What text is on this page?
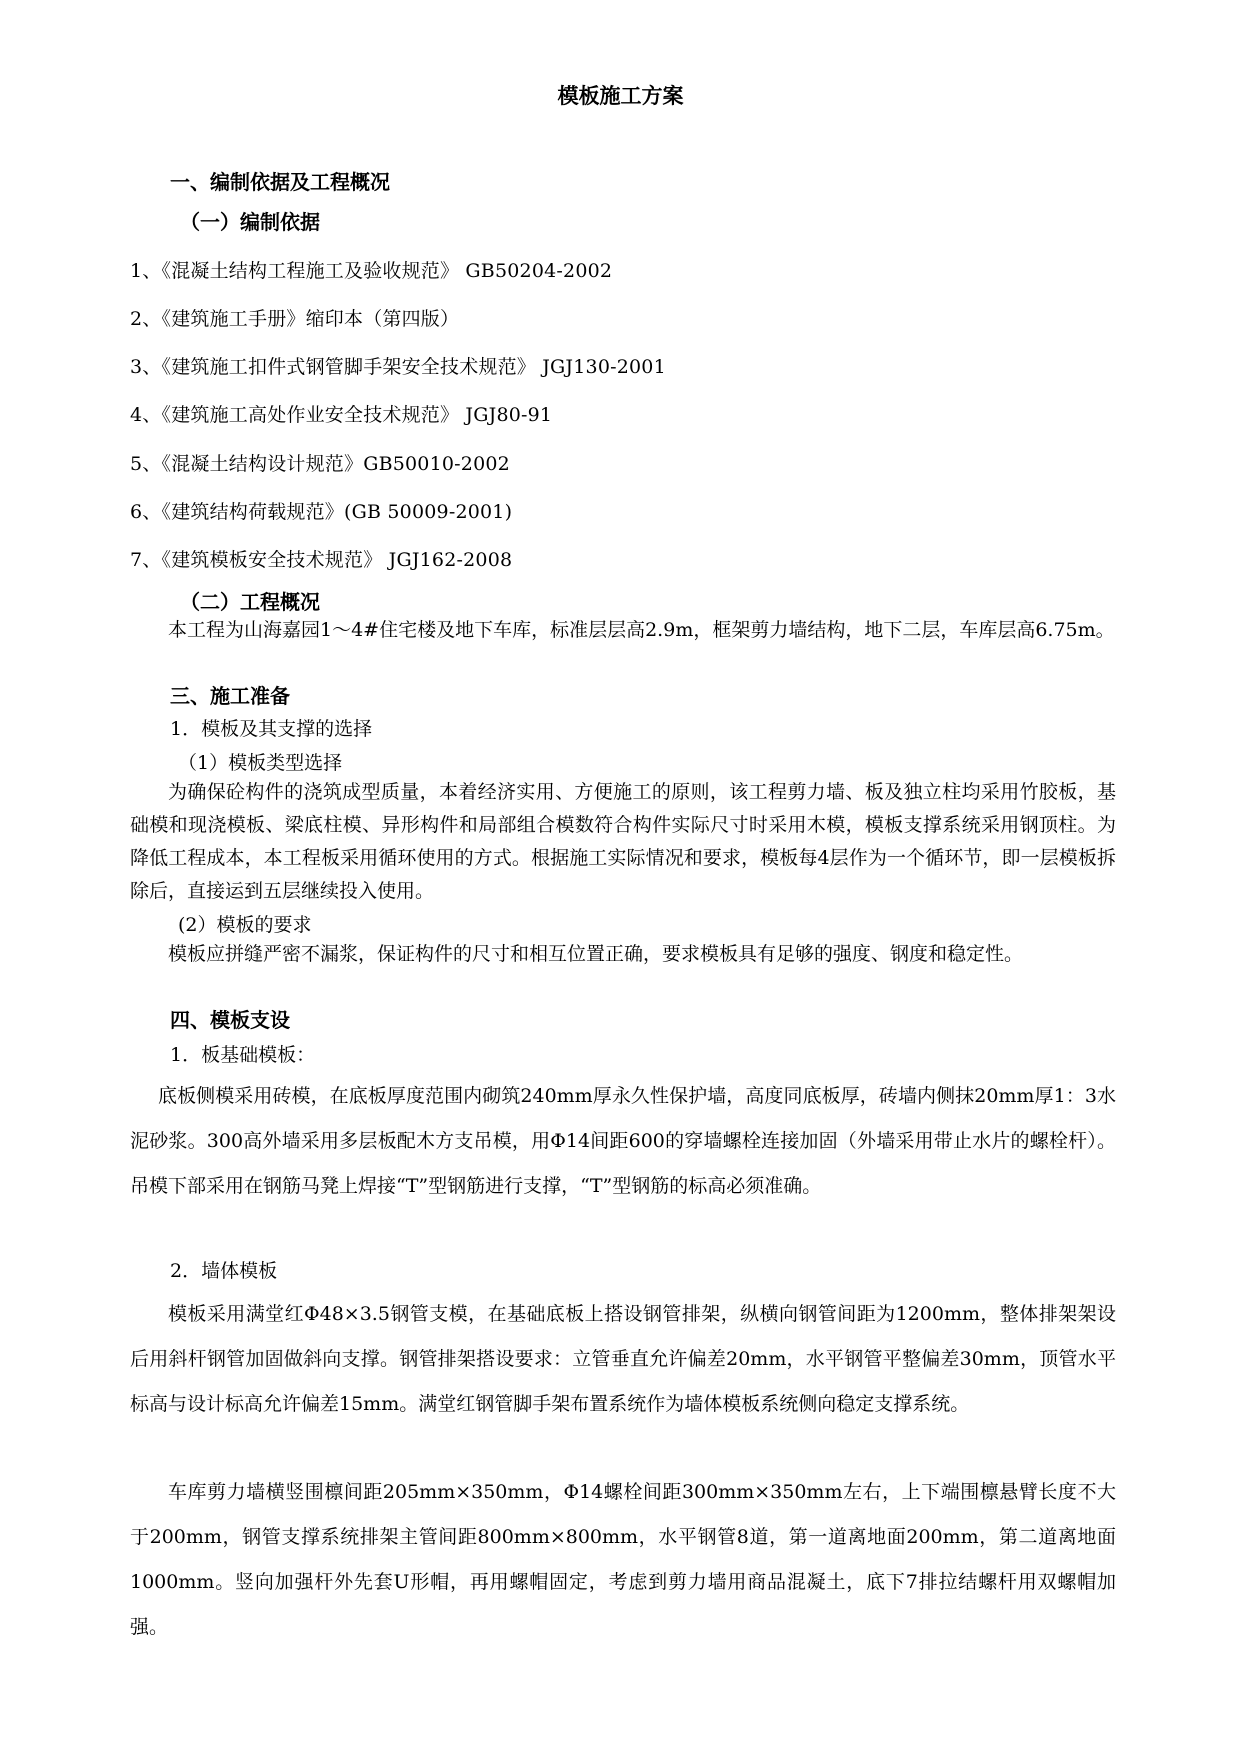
模板施工方案
一、编制依据及工程概况
（一）编制依据
1、《混凝土结构工程施工及验收规范》 GB50204-2002
2、《建筑施工手册》缩印本（第四版）
3、《建筑施工扣件式钢管脚手架安全技术规范》 JGJ130-2001
4、《建筑施工高处作业安全技术规范》 JGJ80-91
5、《混凝土结构设计规范》GB50010-2002
6、《建筑结构荷载规范》(GB 50009-2001)
7、《建筑模板安全技术规范》 JGJ162-2008
（二）工程概况
本工程为山海嘉园1～4#住宅楼及地下车库，标准层层高2.9m，框架剪力墙结构，地下二层，车库层高6.75m。
三、施工准备
1．模板及其支撑的选择
（1）模板类型选择
为确保砼构件的浇筑成型质量，本着经济实用、方便施工的原则，该工程剪力墙、板及独立柱均采用竹胶板，基础模和现浇模板、梁底柱模、异形构件和局部组合模数符合构件实际尺寸时采用木模，模板支撑系统采用钢顶柱。为降低工程成本，本工程板采用循环使用的方式。根据施工实际情况和要求，模板每4层作为一个循环节，即一层模板拆除后，直接运到五层继续投入使用。
(2）模板的要求
模板应拼缝严密不漏浆，保证构件的尺寸和相互位置正确，要求模板具有足够的强度、钢度和稳定性。
四、模板支设
1．板基础模板：
底板侧模采用砖模，在底板厚度范围内砌筑240mm厚永久性保护墙，高度同底板厚，砖墙内侧抹20mm厚1：3水泥砂浆。300高外墙采用多层板配木方支吊模，用Φ14间距600的穿墙螺栓连接加固（外墙采用带止水片的螺栓杆）。吊模下部采用在钢筋马凳上焊接“T”型钢筋进行支撑，“T”型钢筋的标高必须准确。
2．墙体模板
模板采用满堂红Φ48×3.5钢管支模，在基础底板上搭设钢管排架，纵横向钢管间距为1200mm，整体排架架设后用斜杆钢管加固做斜向支撑。钢管排架搭设要求：立管垂直允许偏差20mm，水平钢管平整偏差30mm，顶管水平标高与设计标高允许偏差15mm。满堂红钢管脚手架布置系统作为墙体模板系统侧向稳定支撑系统。
车库剪力墙横竖围檩间距205mm×350mm，Φ14螺栓间距300mm×350mm左右，上下端围檩悬臂长度不大于200mm，钢管支撑系统排架主管间距800mm×800mm，水平钢管8道，第一道离地面200mm，第二道离地面1000mm。竖向加强杆外先套U形帽，再用螺帽固定，考虑到剪力墙用商品混凝土，底下7排拉结螺杆用双螺帽加强。
